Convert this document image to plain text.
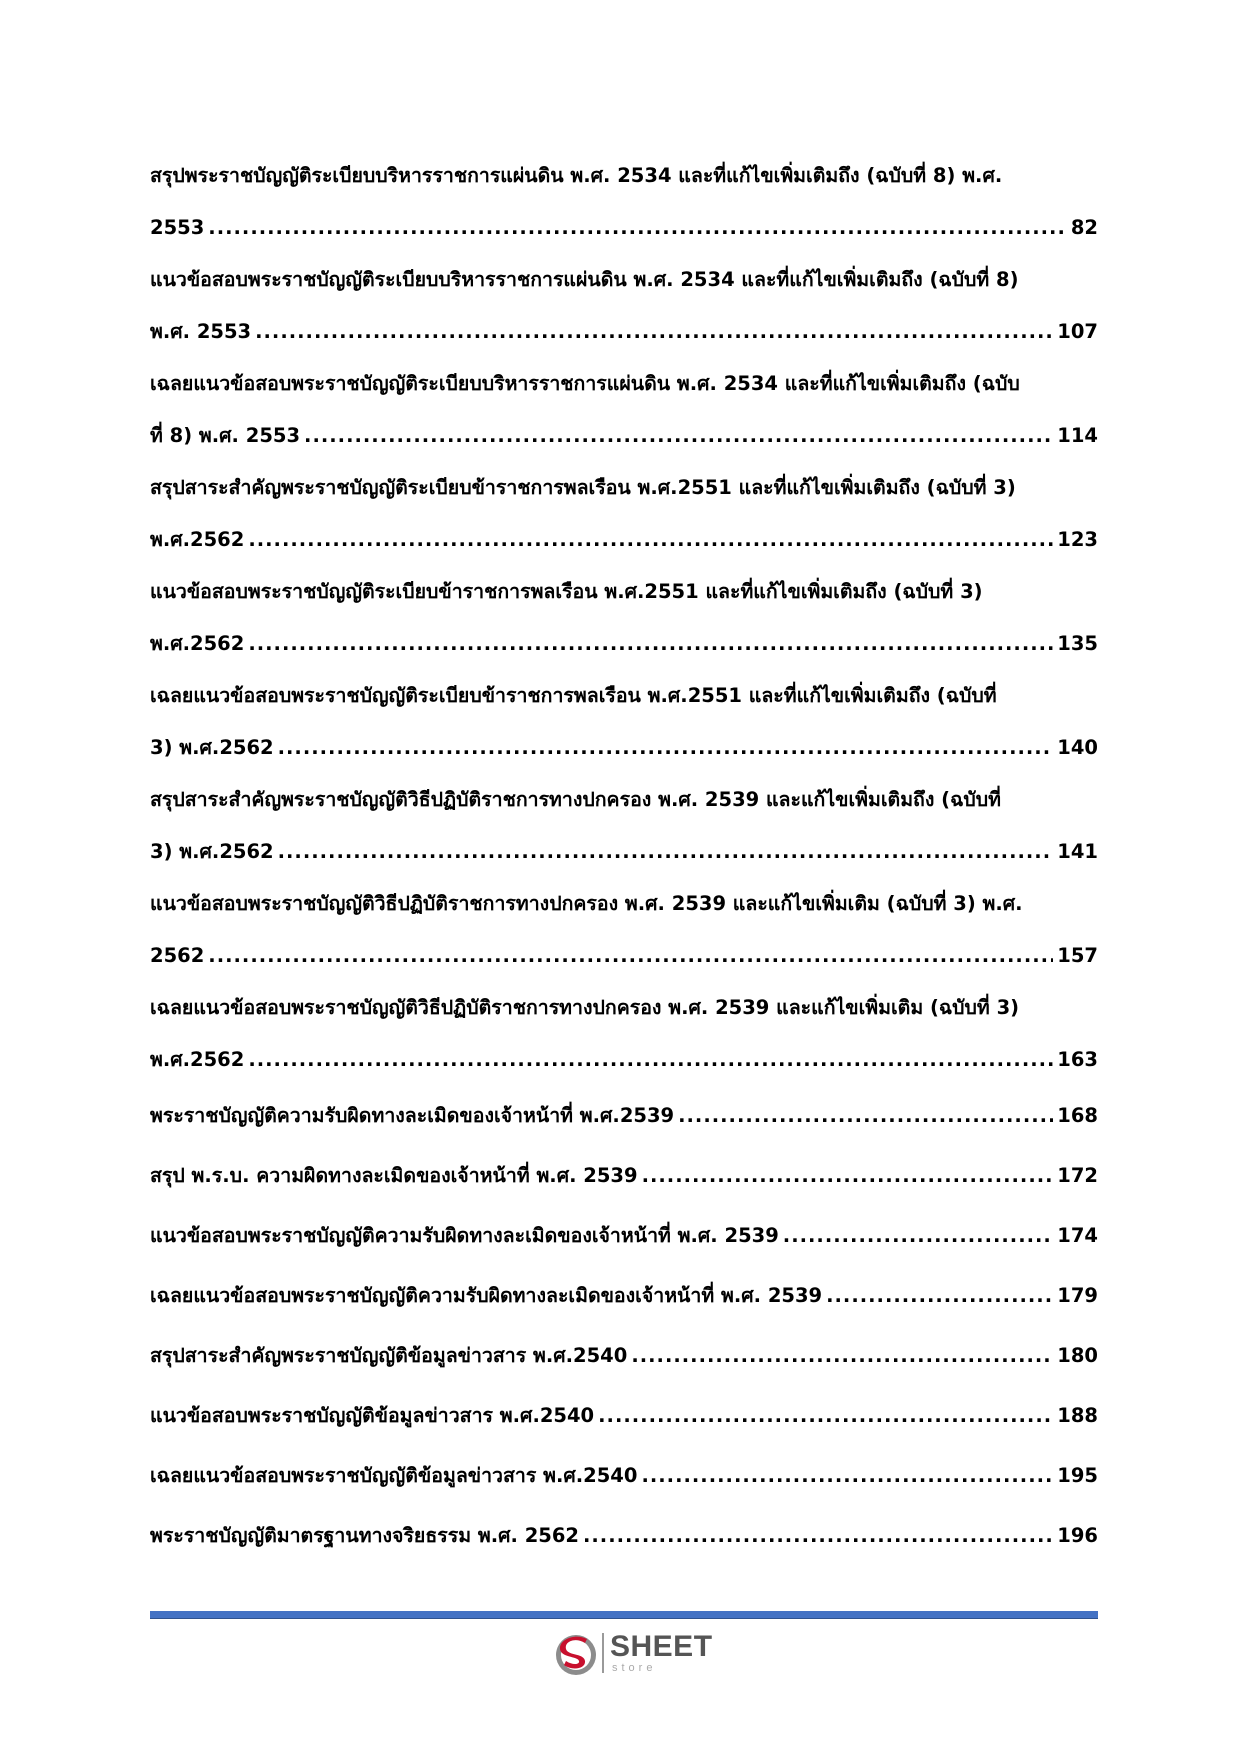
สรุปพระราชบัญญัติระเบียบบริหารราชการแผ่นดิน พ.ศ. 2534 และที่แก้ไขเพิ่มเติมถึง (ฉบับที่ 8) พ.ศ.
2553 .....	82
แนวข้อสอบพระราชบัญญัติระเบียบบริหารราชการแผ่นดิน พ.ศ. 2534 และที่แก้ไขเพิ่มเติมถึง (ฉบับที่ 8)
พ.ศ. 2553 .....	107
เฉลยแนวข้อสอบพระราชบัญญัติระเบียบบริหารราชการแผ่นดิน พ.ศ. 2534 และที่แก้ไขเพิ่มเติมถึง (ฉบับ
ที่ 8) พ.ศ. 2553 .....	114
สรุปสาระสำคัญพระราชบัญญัติระเบียบข้าราชการพลเรือน พ.ศ.2551 และที่แก้ไขเพิ่มเติมถึง (ฉบับที่ 3)
พ.ศ.2562 .....	123
แนวข้อสอบพระราชบัญญัติระเบียบข้าราชการพลเรือน พ.ศ.2551 และที่แก้ไขเพิ่มเติมถึง (ฉบับที่ 3)
พ.ศ.2562 .....	135
เฉลยแนวข้อสอบพระราชบัญญัติระเบียบข้าราชการพลเรือน พ.ศ.2551 และที่แก้ไขเพิ่มเติมถึง (ฉบับที่
3) พ.ศ.2562 .....	140
สรุปสาระสำคัญพระราชบัญญัติวิธีปฏิบัติราชการทางปกครอง พ.ศ. 2539 และแก้ไขเพิ่มเติมถึง (ฉบับที่
3) พ.ศ.2562 .....	141
แนวข้อสอบพระราชบัญญัติวิธีปฏิบัติราชการทางปกครอง พ.ศ. 2539 และแก้ไขเพิ่มเติม (ฉบับที่ 3) พ.ศ.
2562 .....	157
เฉลยแนวข้อสอบพระราชบัญญัติวิธีปฏิบัติราชการทางปกครอง พ.ศ. 2539 และแก้ไขเพิ่มเติม (ฉบับที่ 3)
พ.ศ.2562 .....	163
พระราชบัญญัติความรับผิดทางละเมิดของเจ้าหน้าที่ พ.ศ.2539 .....	168
สรุป พ.ร.บ. ความผิดทางละเมิดของเจ้าหน้าที่ พ.ศ. 2539 .....	172
แนวข้อสอบพระราชบัญญัติความรับผิดทางละเมิดของเจ้าหน้าที่ พ.ศ. 2539 .....	174
เฉลยแนวข้อสอบพระราชบัญญัติความรับผิดทางละเมิดของเจ้าหน้าที่ พ.ศ. 2539 .....	179
สรุปสาระสำคัญพระราชบัญญัติข้อมูลข่าวสาร พ.ศ.2540 .....	180
แนวข้อสอบพระราชบัญญัติข้อมูลข่าวสาร พ.ศ.2540 .....	188
เฉลยแนวข้อสอบพระราชบัญญัติข้อมูลข่าวสาร พ.ศ.2540 .....	195
พระราชบัญญัติมาตรฐานทางจริยธรรม พ.ศ. 2562 .....	196
SHEET
store
